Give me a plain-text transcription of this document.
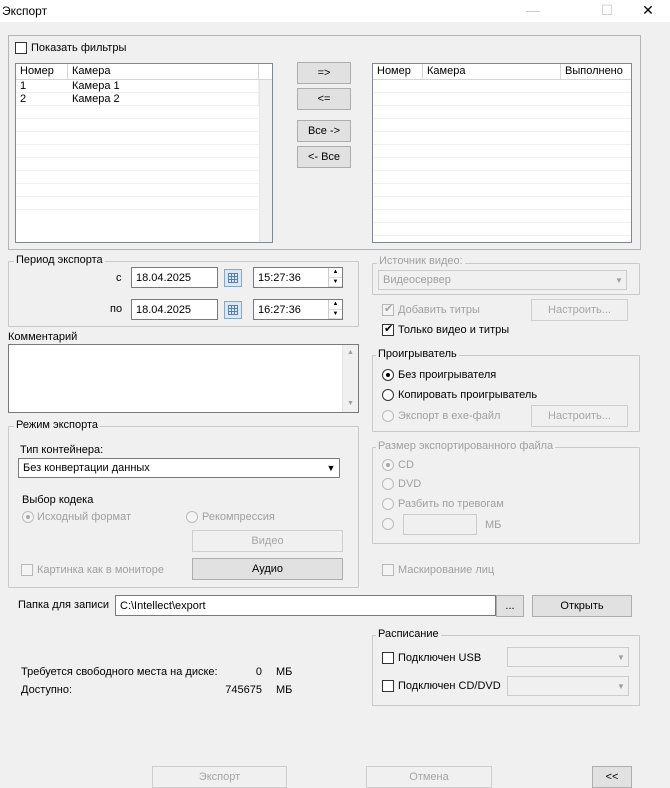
Экспорт	—	☐	✕
Показать фильтры
Номер	Камера
1	Камера 1
2	Камера 2
=>
<=
Все ->
<- Все
Номер	Камера	Выполнено
Период экспорта
с	18.04.2025	15:27:36	▲
▼
по	18.04.2025	16:27:36	▲
▼
Источник видео:
Видеосервер	▼
✔
Добавить титры	Настроить...
✔
Только видео и титры
Комментарий
▲
▼
Проигрыватель
Без проигрывателя
Копировать проигрыватель
Экспорт в exe-файл	Настроить...
Режим экспорта
Тип контейнера:
Без конвертации данных	▼
Выбор кодека
Исходный формат	Рекомпрессия
Видео
Картинка как в мониторе	Аудио
Размер экспортированного файла
CD
DVD
Разбить по тревогам
МБ
Маскирование лиц
Папка для записи	C:\Intellect\export	...	Открыть
Расписание
Подключен USB	▼
Подключен CD/DVD	▼
Требуется свободного места на диске:	0 МБ
Доступно:	745675 МБ
Экспорт	Отмена	<<
